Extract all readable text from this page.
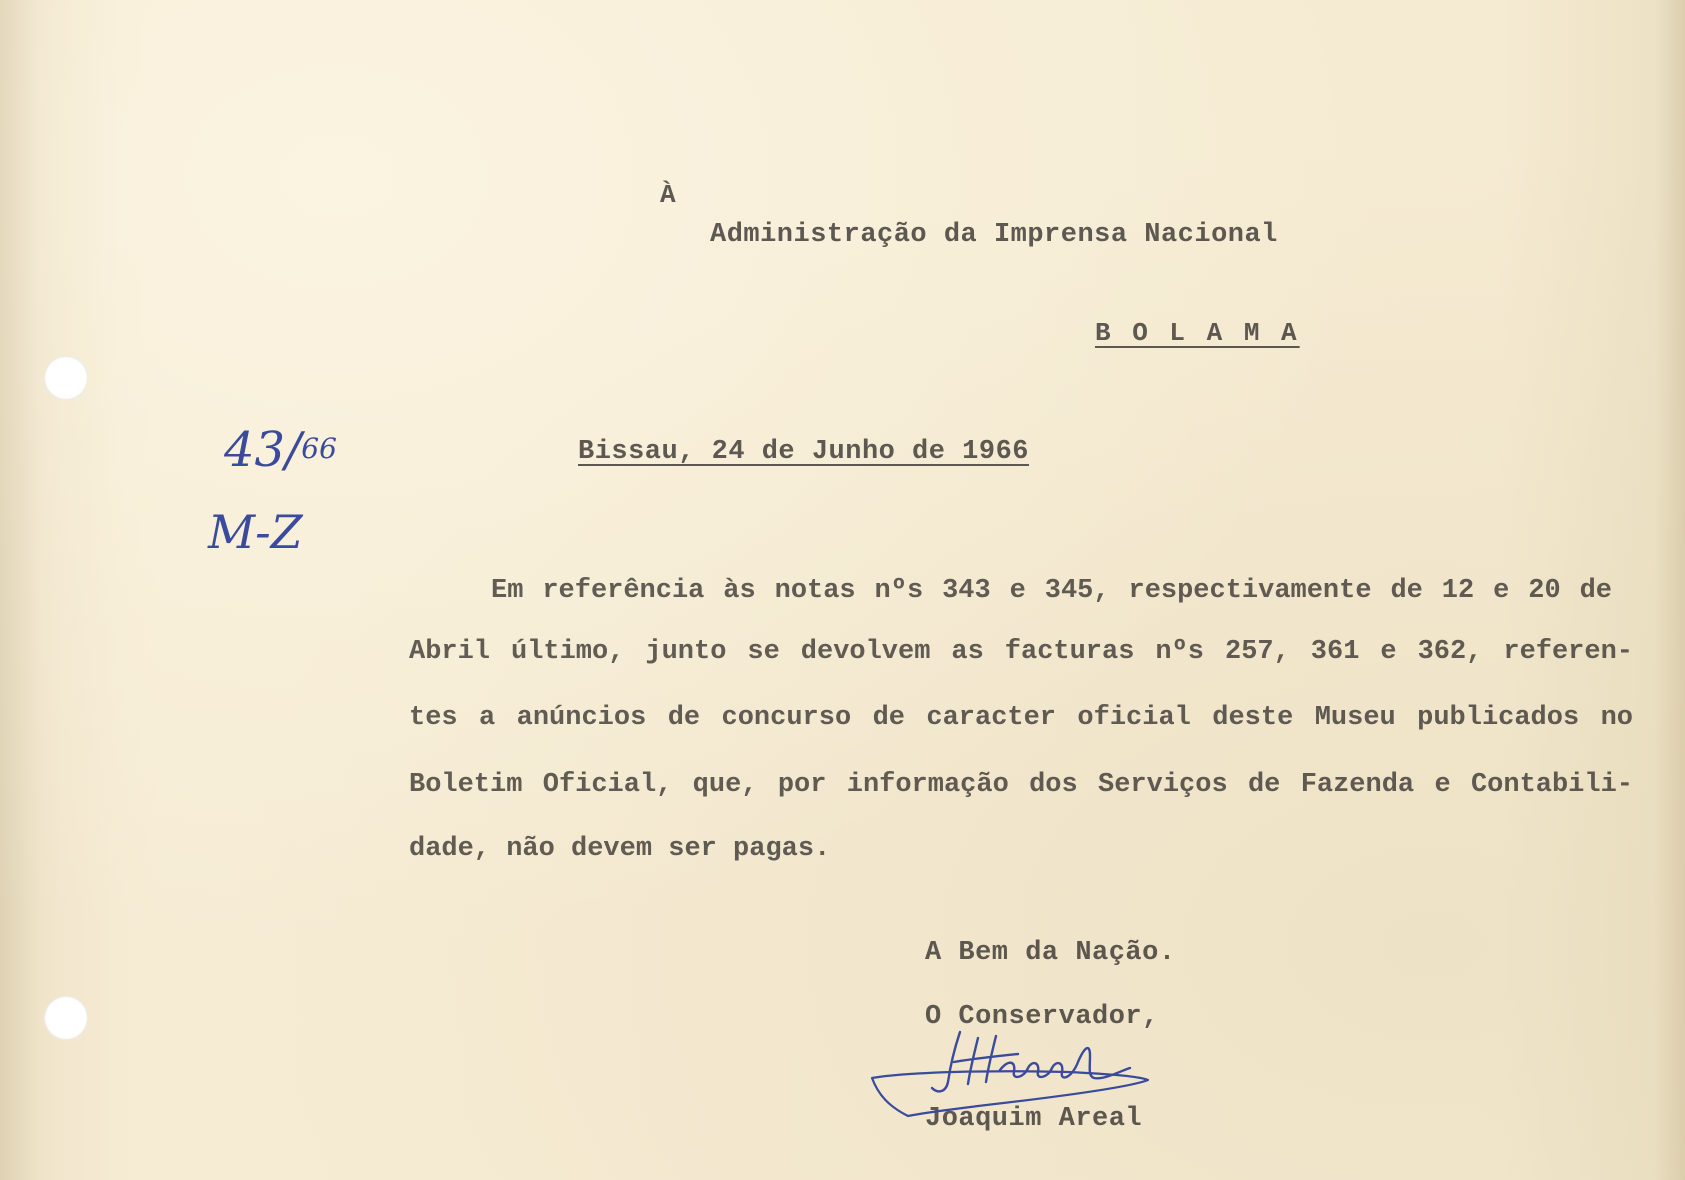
À
Administração da Imprensa Nacional
B O L A M A
Bissau, 24 de Junho de 1966
43/66
M-Z
Em referência às notas nºs 343 e 345, respectivamente de 12 e 20 de
Abril último, junto se devolvem as facturas nºs 257, 361 e 362, referen-
tes a anúncios de concurso de caracter oficial deste Museu publicados no
Boletim Oficial, que, por informação dos Serviços de Fazenda e Contabili-
dade, não devem ser pagas.
A Bem da Nação.
O Conservador,
Joaquim Areal
